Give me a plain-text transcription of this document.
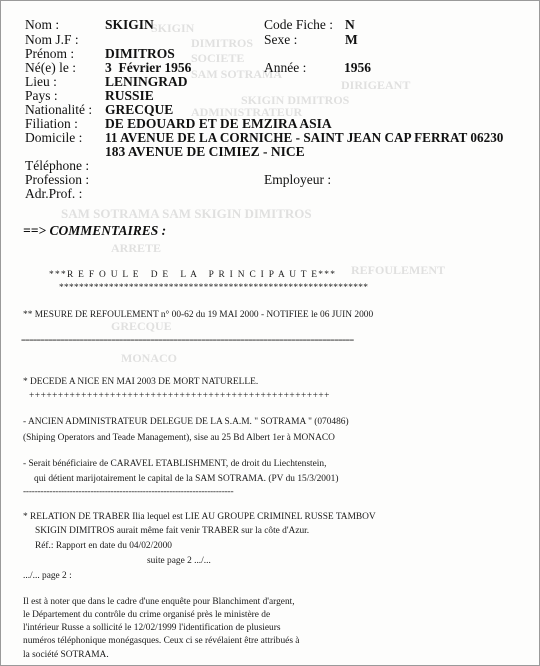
SKIGIN
DIMITROS
SOCIETE
SAM SOTRAMA
DIRIGEANT
SKIGIN DIMITROS
ADMINISTRATEUR
SAM SOTRAMA SAM SKIGIN DIMITROS
ARRETE
REFOULEMENT
GRECQUE
MONACO
Nom :	SKIGIN
Nom J.F :
Prénom : DIMITROS
Né(e) le : 3  Février 1956
Lieu :	LENINGRAD
Pays :	RUSSIE
Nationalité : GRECQUE
Filiation : DE EDOUARD ET DE EMZIRA ASIA
Domicile : 11 AVENUE DE LA CORNICHE - SAINT JEAN CAP FERRAT 06230
183 AVENUE DE CIMIEZ - NICE
Téléphone :
Profession :
Adr.Prof. :
Code Fiche : N
Sexe :	M
Année :	1956
Employeur :
==> COMMENTAIRES :
***R E F O U L E   D E   L A   P R I N C I P A U T E***
**************************************************************
** MESURE DE REFOULEMENT n° 00-62 du 19 MAI 2000 - NOTIFIEE le 06 JUIN 2000
=====================================================================================
* DECEDE A NICE EN MAI 2003 DE MORT NATURELLE.
++++++++++++++++++++++++++++++++++++++++++++++++++++
- ANCIEN ADMINISTRATEUR DELEGUE DE LA S.A.M. " SOTRAMA " (070486)
(Shiping Operators and Teade Management), sise au 25 Bd Albert 1er à MONACO
- Serait bénéficiaire de CARAVEL ETABLISHMENT, de droit du Liechtenstein,
qui détient marijotairement le capital de la SAM SOTRAMA. (PV du 15/3/2001)
------------------------------------------------------------------------
* RELATION DE TRABER Ilia lequel est LIE AU GROUPE CRIMINEL RUSSE TAMBOV
SKIGIN DIMITROS aurait même fait venir TRABER sur la côte d'Azur.
Réf.: Rapport en date du 04/02/2000
suite page 2 .../...
.../... page 2 :
Il est à noter que dans le cadre d'une enquête pour Blanchiment d'argent,
le Département du contrôle du crime organisé près le ministère de
l'intérieur Russe a sollicité le 12/02/1999 l'identification de plusieurs
numéros téléphonique monégasques. Ceux ci se révélaient être attribués à
la société SOTRAMA.
